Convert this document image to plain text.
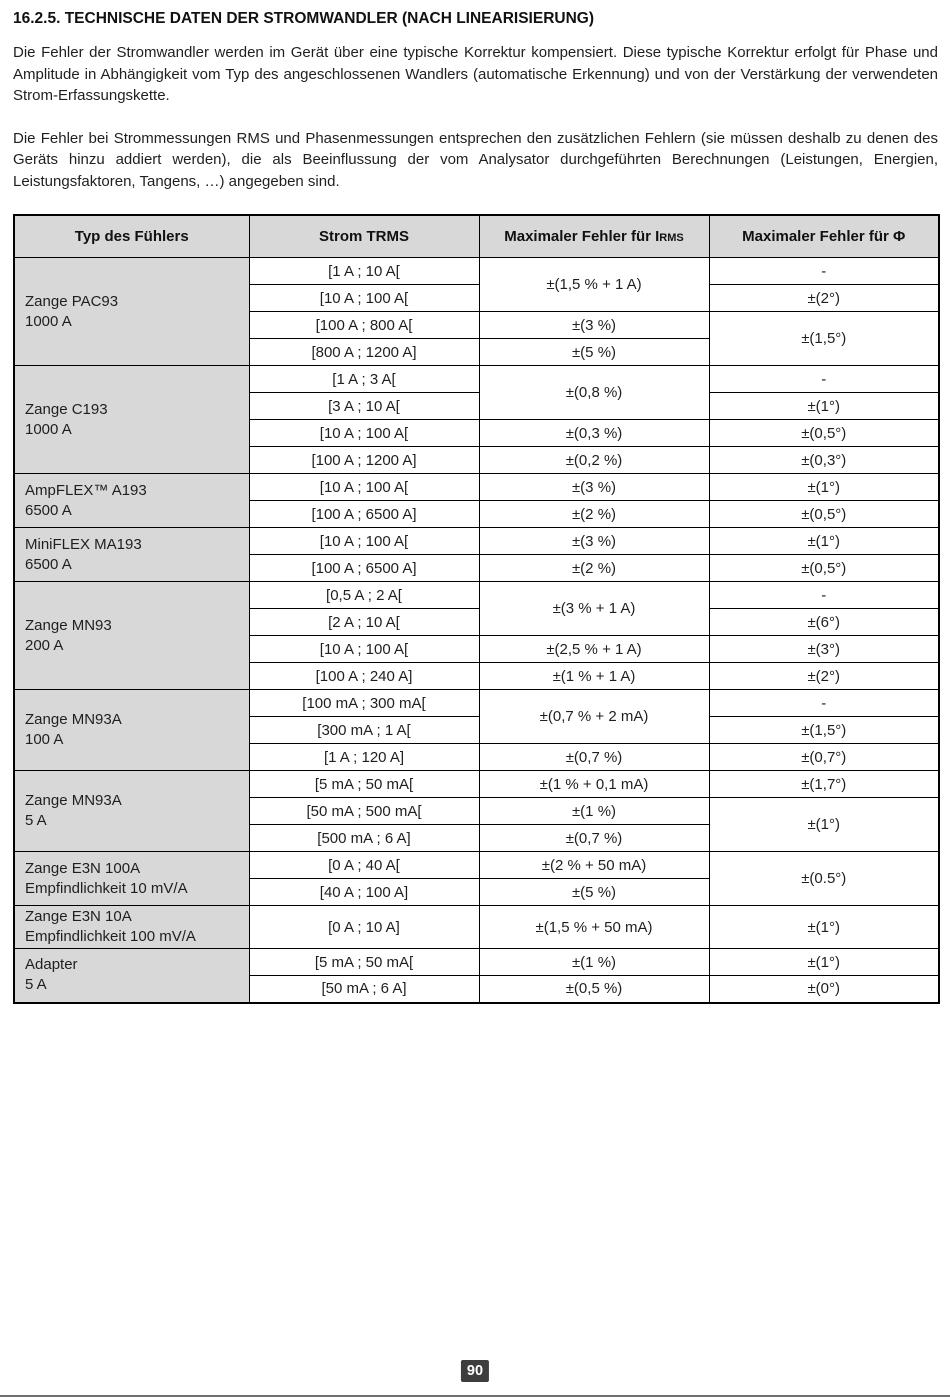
16.2.5. TECHNISCHE DATEN DER STROMWANDLER (NACH LINEARISIERUNG)

Die Fehler der Stromwandler werden im Gerät über eine typische Korrektur kompensiert. Diese typische Korrektur erfolgt für Phase und Amplitude in Abhängigkeit vom Typ des angeschlossenen Wandlers (automatische Erkennung) und von der Verstärkung der verwendeten Strom-Erfassungskette.

Die Fehler bei Strommessungen RMS und Phasenmessungen entsprechen den zusätzlichen Fehlern (sie müssen deshalb zu denen des Geräts hinzu addiert werden), die als Beeinflussung der vom Analysator durchgeführten Berechnungen (Leistungen, Energien, Leistungsfaktoren, Tangens, …) angegeben sind.

Typ des Fühlers	Strom TRMS	Maximaler Fehler für IRMS	Maximaler Fehler für Φ

Zange PAC93
1000 A	[1 A ; 10 A[	±(1,5 % + 1 A)	-
	[10 A ; 100 A[		±(2°)
	[100 A ; 800 A[	±(3 %)	±(1,5°)
	[800 A ; 1200 A]	±(5 %)	

Zange C193
1000 A	[1 A ; 3 A[	±(0,8 %)	-
	[3 A ; 10 A[		±(1°)
	[10 A ; 100 A[	±(0,3 %)	±(0,5°)
	[100 A ; 1200 A]	±(0,2 %)	±(0,3°)

AmpFLEX™ A193
6500 A	[10 A ; 100 A[	±(3 %)	±(1°)
	[100 A ; 6500 A]	±(2 %)	±(0,5°)

MiniFLEX MA193
6500 A	[10 A ; 100 A[	±(3 %)	±(1°)
	[100 A ; 6500 A]	±(2 %)	±(0,5°)

Zange MN93
200 A	[0,5 A ; 2 A[	±(3 % + 1 A)	-
	[2 A ; 10 A[		±(6°)
	[10 A ; 100 A[	±(2,5 % + 1 A)	±(3°)
	[100 A ; 240 A]	±(1 % + 1 A)	±(2°)

Zange MN93A
100 A	[100 mA ; 300 mA[	±(0,7 % + 2 mA)	-
	[300 mA ; 1 A[		±(1,5°)
	[1 A ; 120 A]	±(0,7 %)	±(0,7°)

Zange MN93A
5 A	[5 mA ; 50 mA[	±(1 % + 0,1 mA)	±(1,7°)
	[50 mA ; 500 mA[	±(1 %)	±(1°)
	[500 mA ; 6 A]	±(0,7 %)	

Zange E3N 100A
Empfindlichkeit 10 mV/A	[0 A ; 40 A[	±(2 % + 50 mA)	±(0.5°)
	[40 A ; 100 A]	±(5 %)	

Zange E3N 10A
Empfindlichkeit 100 mV/A	[0 A ; 10 A]	±(1,5 % + 50 mA)	±(1°)

Adapter
5 A	[5 mA ; 50 mA[	±(1 %)	±(1°)
	[50 mA ; 6 A]	±(0,5 %)	±(0°)
90
